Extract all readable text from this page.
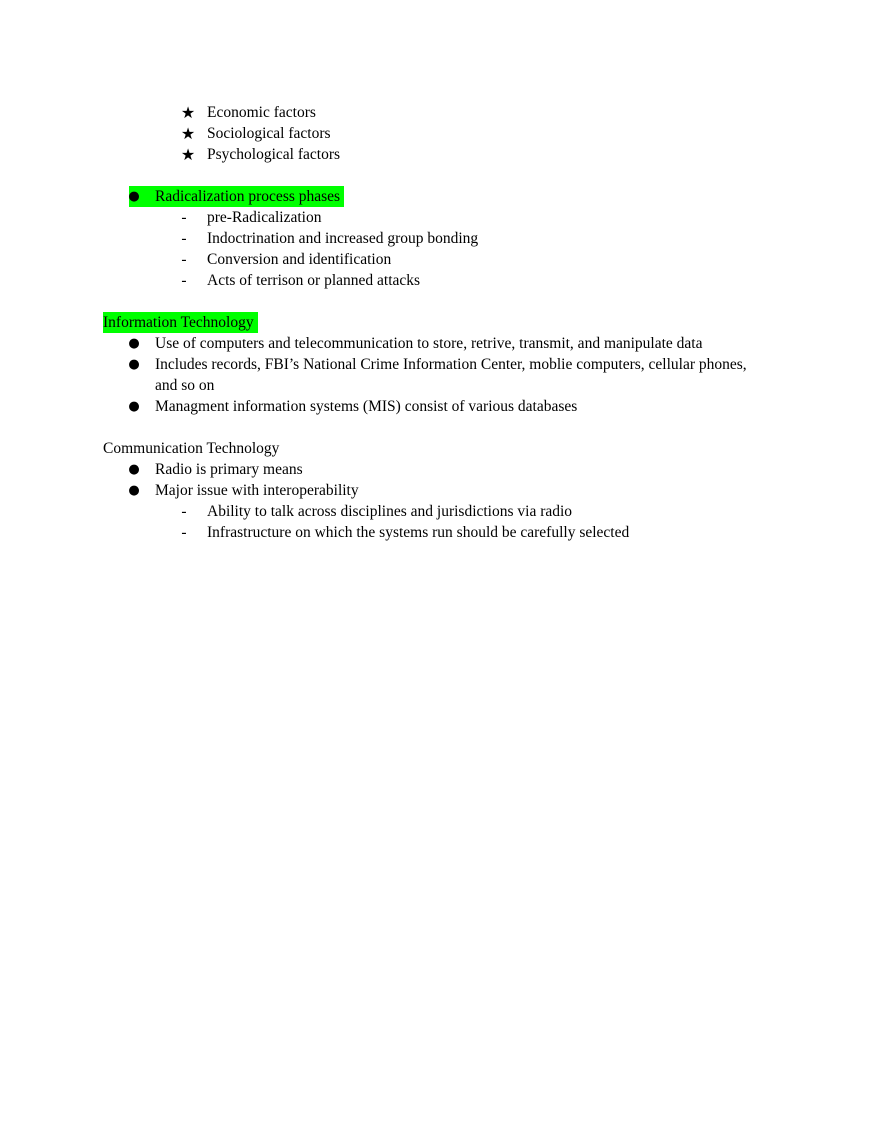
★ Economic factors
★ Sociological factors
★ Psychological factors
● Radicalization process phases
-	pre-Radicalization
-	Indoctrination and increased group bonding
-	Conversion and identification
-	Acts of terrison or planned attacks
Information Technology
● Use of computers and telecommunication to store, retrive, transmit, and manipulate data
● Includes records, FBI’s National Crime Information Center, moblie computers, cellular phones,
and so on
● Managment information systems (MIS) consist of various databases
Communication Technology
● Radio is primary means
● Major issue with interoperability
-	Ability to talk across disciplines and jurisdictions via radio
-	Infrastructure on which the systems run should be carefully selected
